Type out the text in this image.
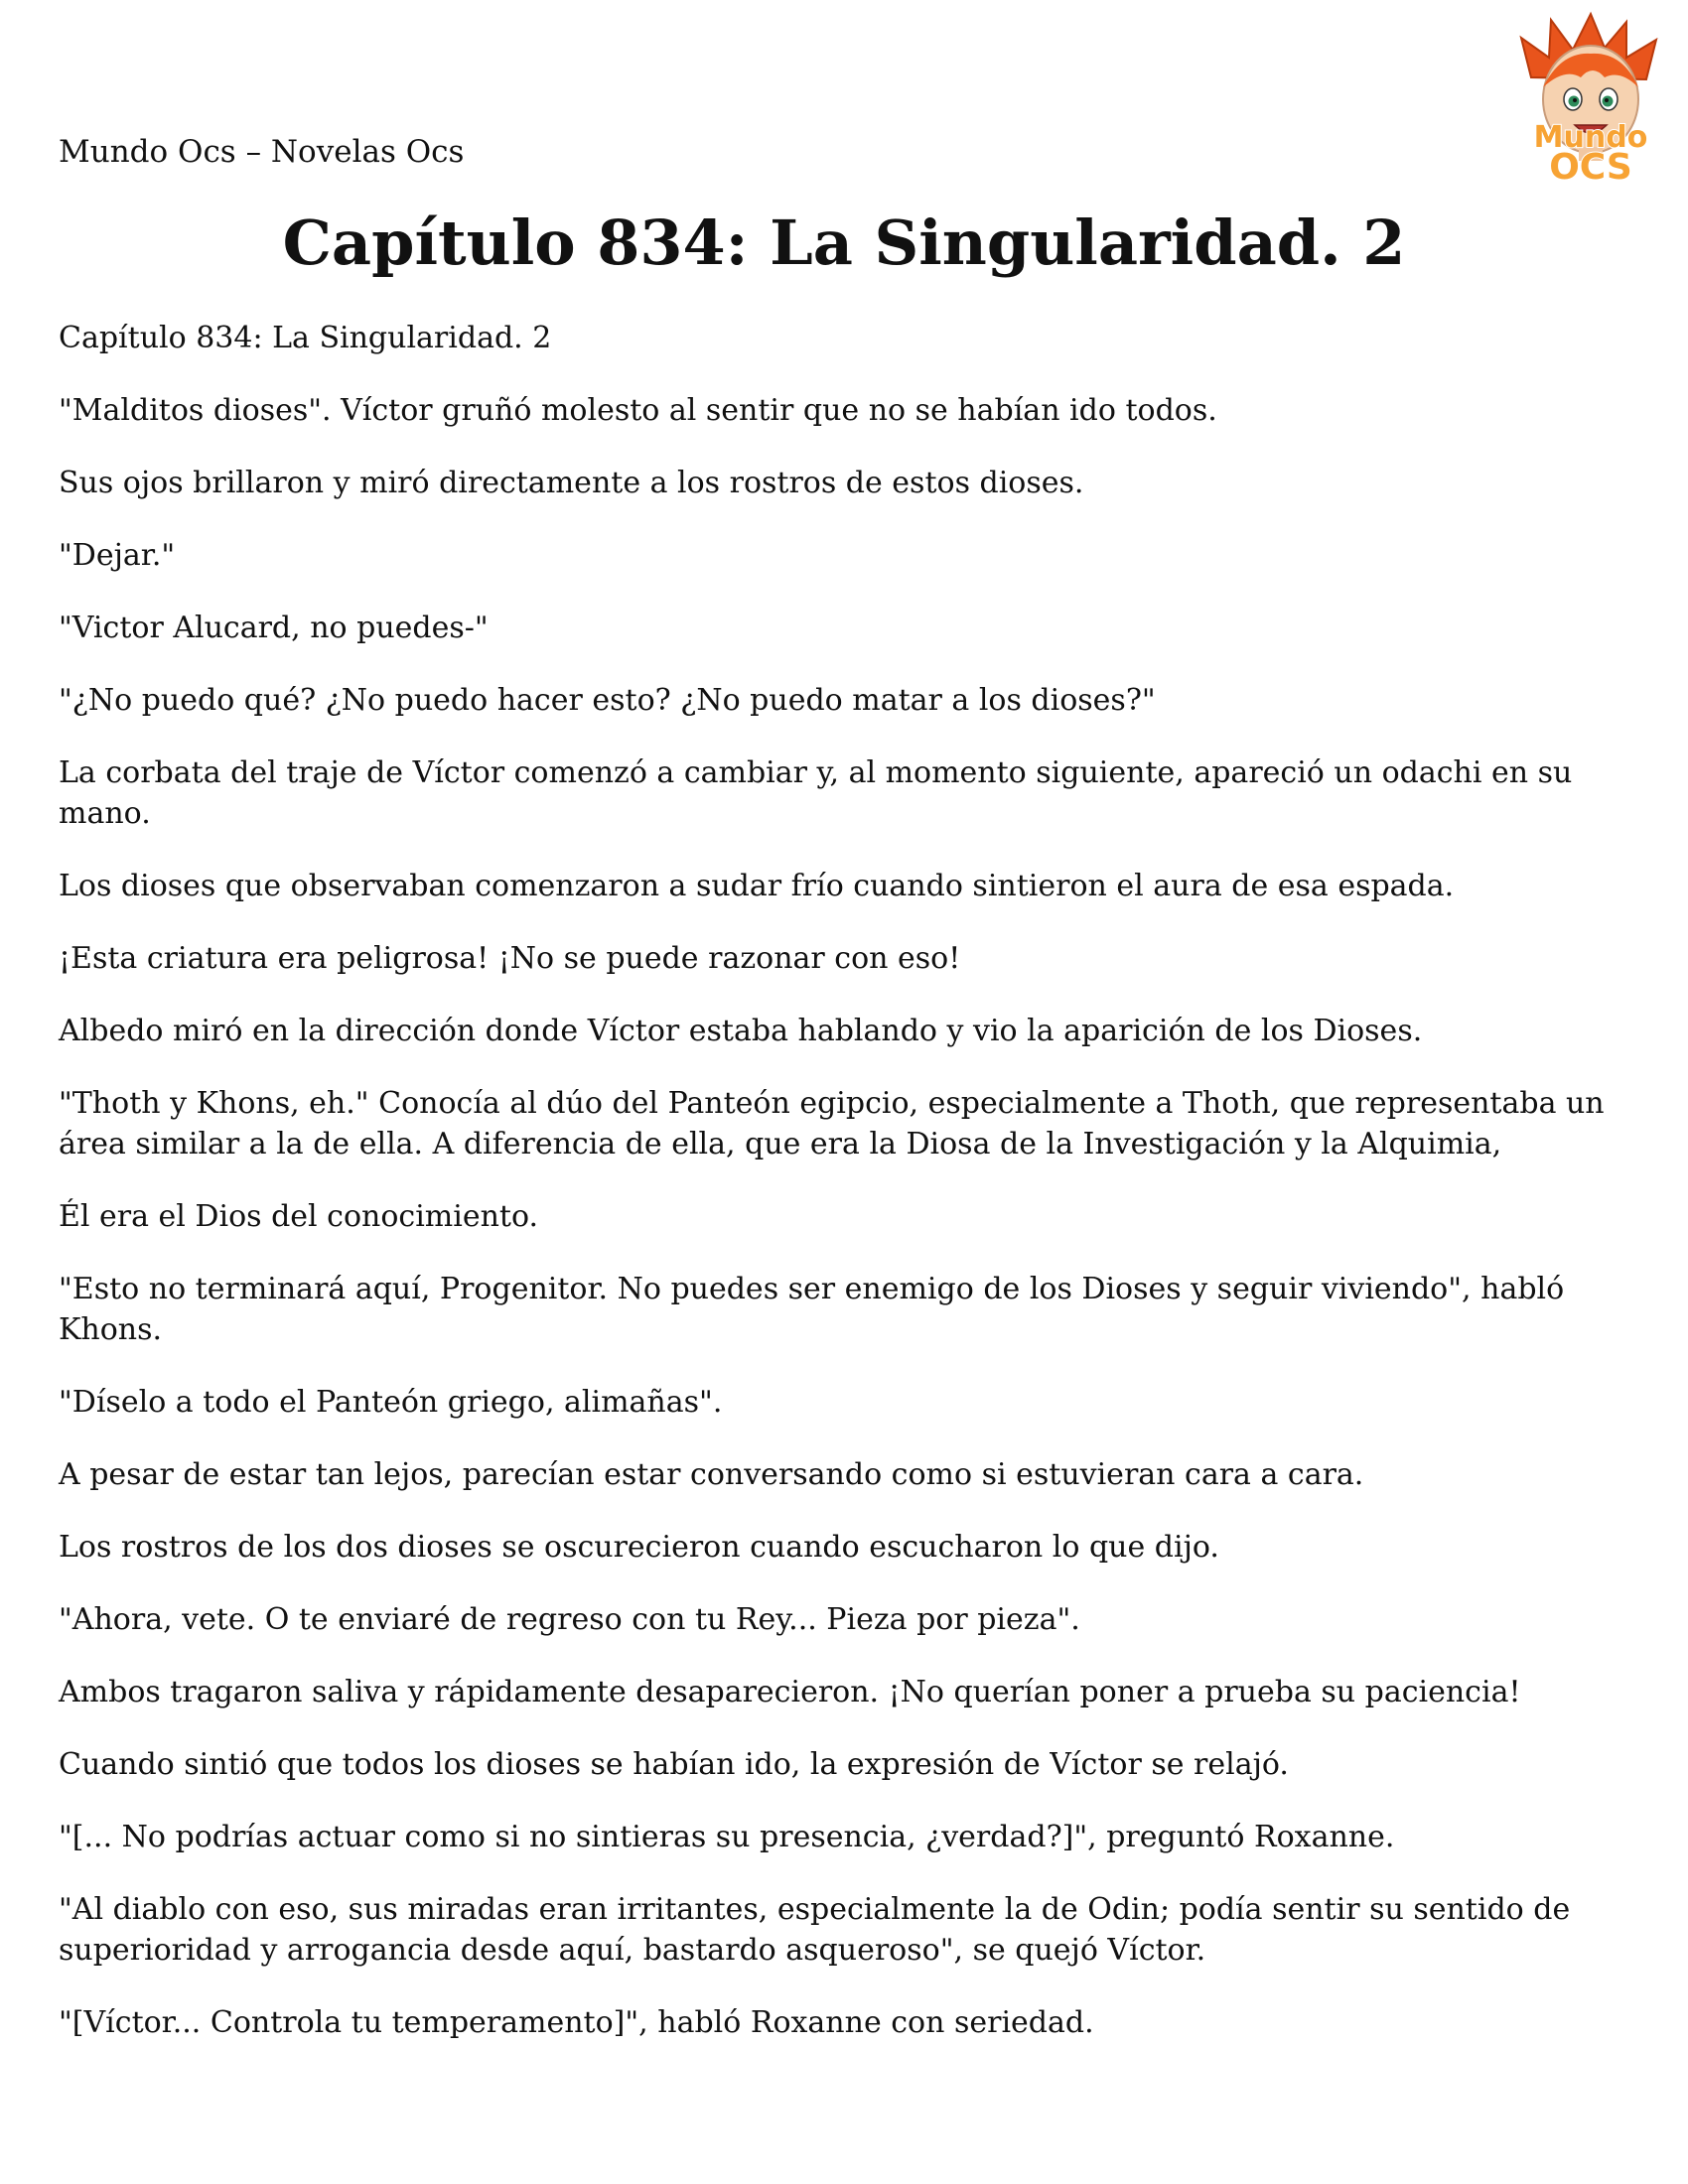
Mundo Ocs – Novelas Ocs	Mundo
OCS
Capítulo 834: La Singularidad. 2

Capítulo 834: La Singularidad. 2

"Malditos dioses". Víctor gruñó molesto al sentir que no se habían ido todos.

Sus ojos brillaron y miró directamente a los rostros de estos dioses.

"Dejar."

"Victor Alucard, no puedes-"

"¿No puedo qué? ¿No puedo hacer esto? ¿No puedo matar a los dioses?"

La corbata del traje de Víctor comenzó a cambiar y, al momento siguiente, apareció un odachi en su mano.

Los dioses que observaban comenzaron a sudar frío cuando sintieron el aura de esa espada.

¡Esta criatura era peligrosa! ¡No se puede razonar con eso!

Albedo miró en la dirección donde Víctor estaba hablando y vio la aparición de los Dioses.

"Thoth y Khons, eh." Conocía al dúo del Panteón egipcio, especialmente a Thoth, que representaba un área similar a la de ella. A diferencia de ella, que era la Diosa de la Investigación y la Alquimia,

Él era el Dios del conocimiento.

"Esto no terminará aquí, Progenitor. No puedes ser enemigo de los Dioses y seguir viviendo", habló Khons.

"Díselo a todo el Panteón griego, alimañas".

A pesar de estar tan lejos, parecían estar conversando como si estuvieran cara a cara.

Los rostros de los dos dioses se oscurecieron cuando escucharon lo que dijo.

"Ahora, vete. O te enviaré de regreso con tu Rey... Pieza por pieza".

Ambos tragaron saliva y rápidamente desaparecieron. ¡No querían poner a prueba su paciencia!

Cuando sintió que todos los dioses se habían ido, la expresión de Víctor se relajó.

"[... No podrías actuar como si no sintieras su presencia, ¿verdad?]", preguntó Roxanne.

"Al diablo con eso, sus miradas eran irritantes, especialmente la de Odin; podía sentir su sentido de superioridad y arrogancia desde aquí, bastardo asqueroso", se quejó Víctor.

"[Víctor... Controla tu temperamento]", habló Roxanne con seriedad.
